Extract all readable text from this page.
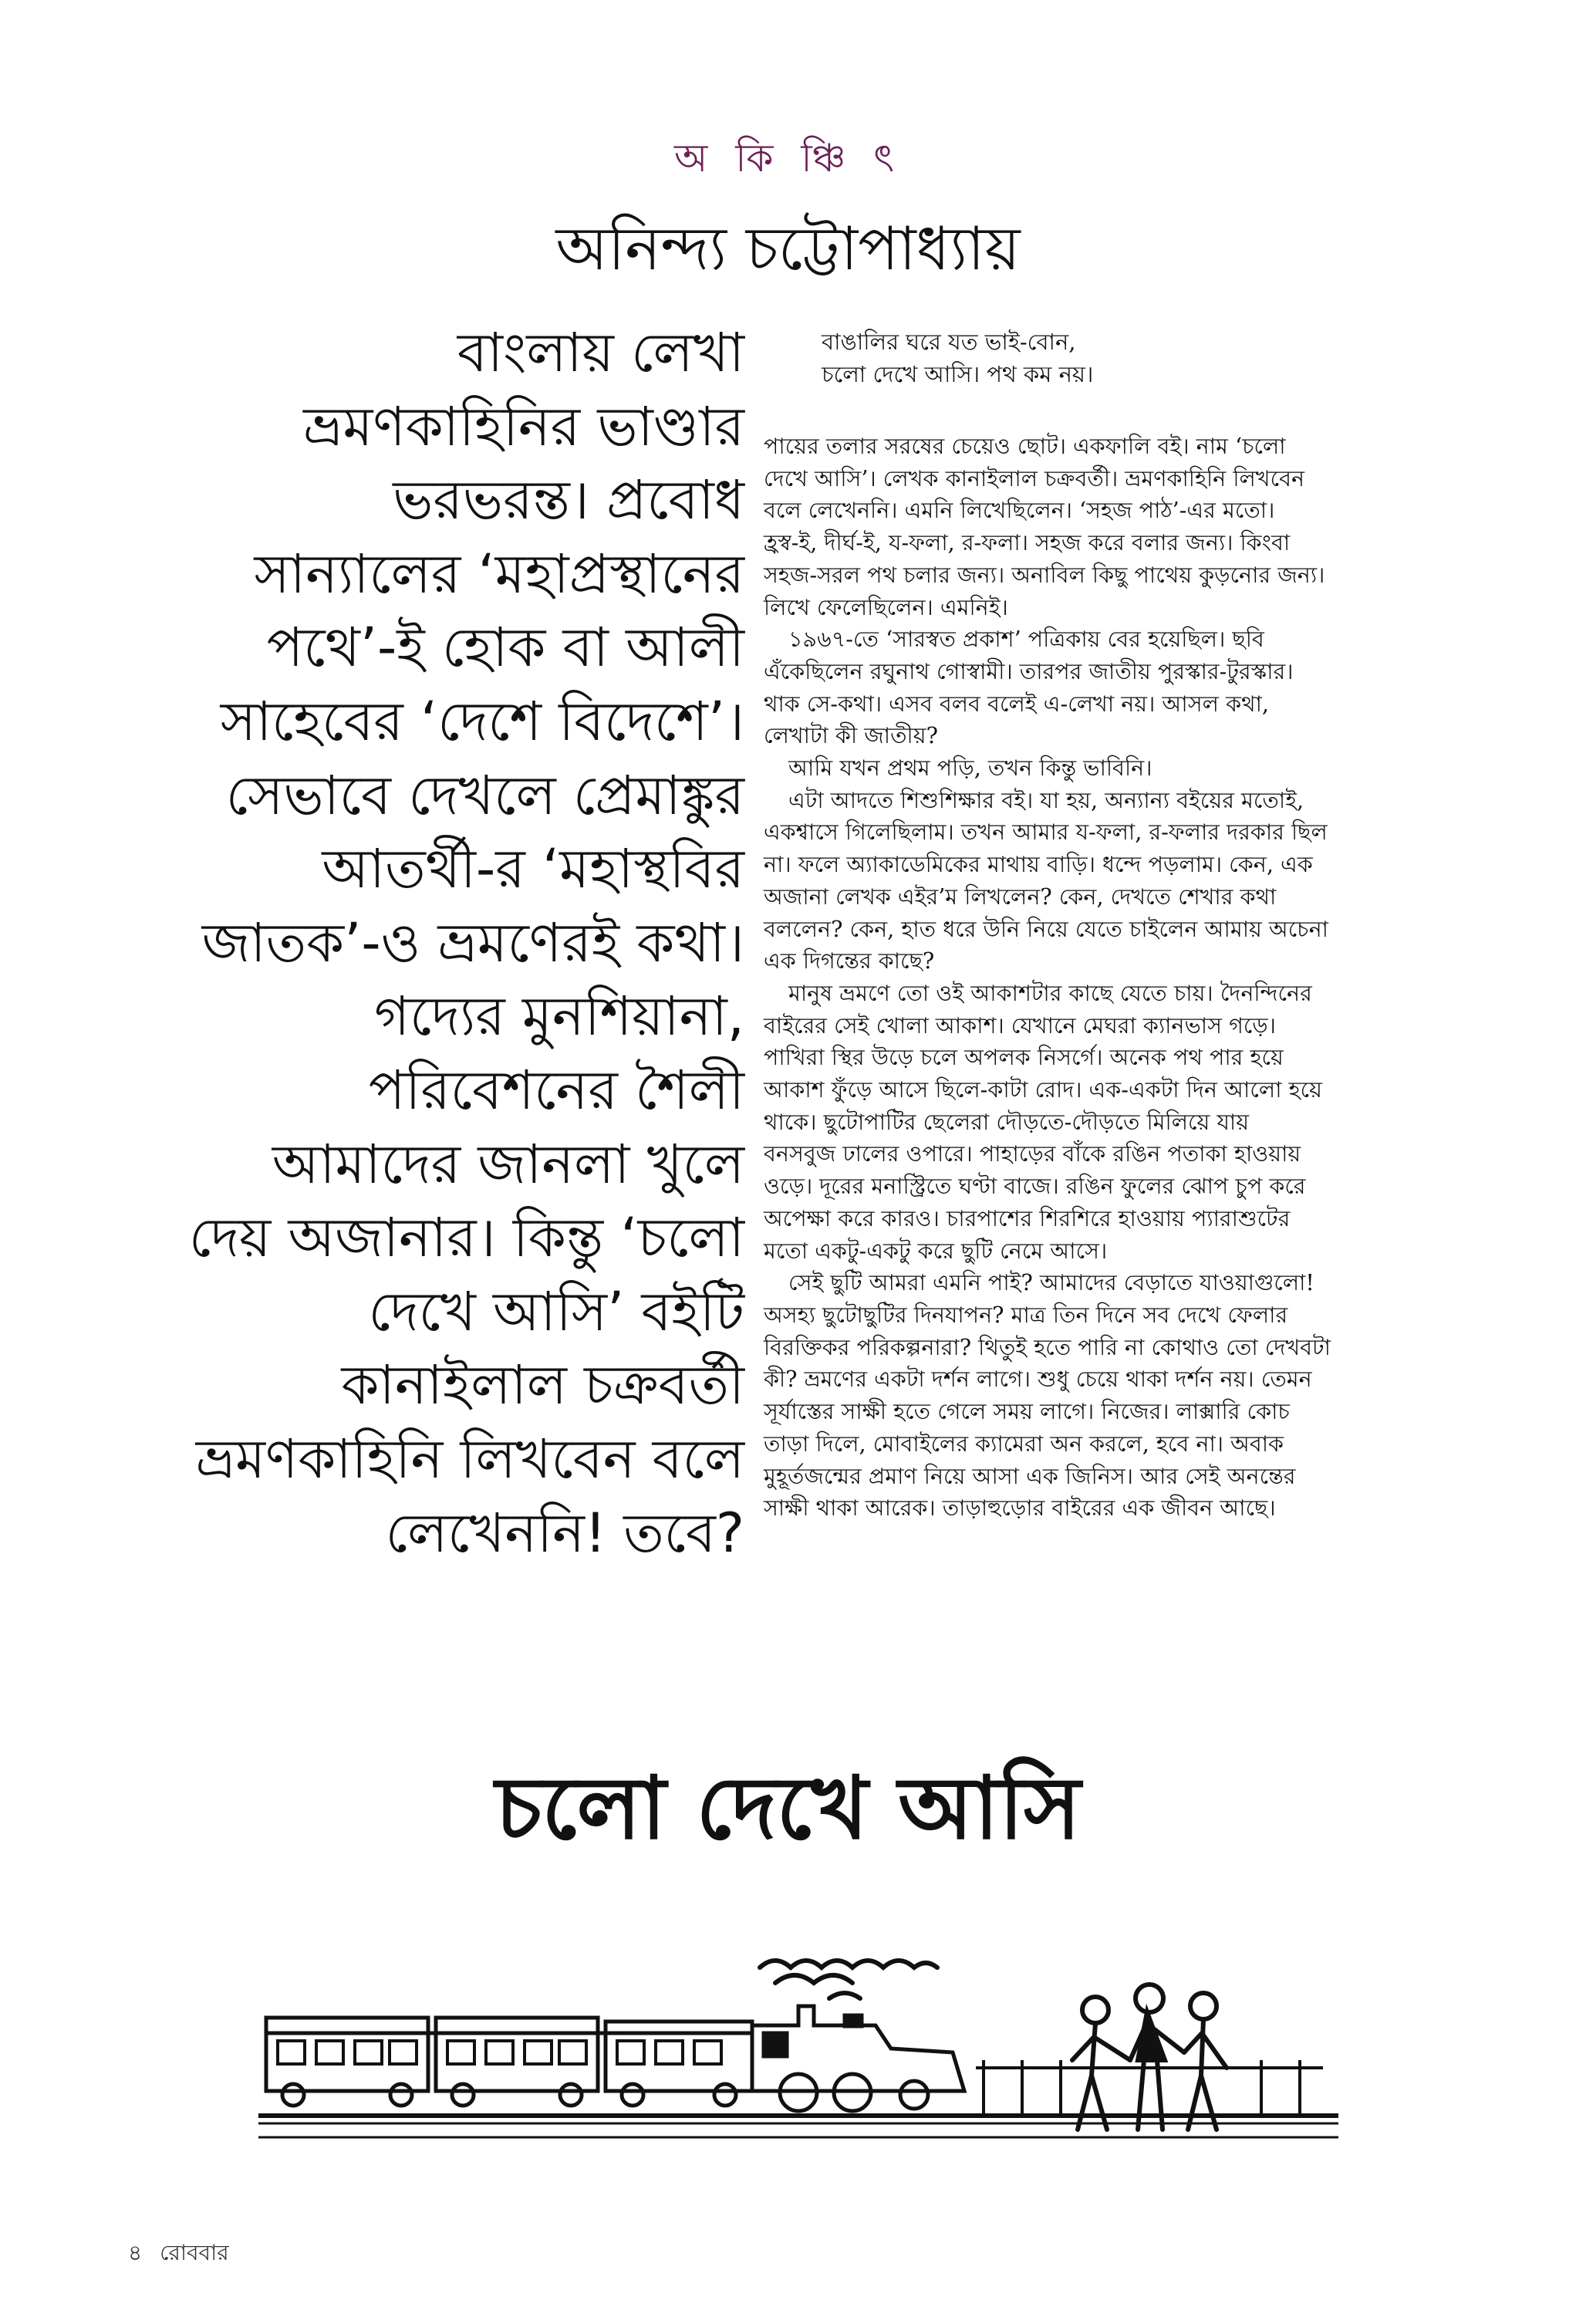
অ কি ঞ্চি ৎ
অনিন্দ্য চট্টোপাধ্যায়
বাংলায় লেখা
ভ্রমণকাহিনির ভাণ্ডার
ভরভরন্ত। প্রবোধ
সান্যালের ‘মহাপ্রস্থানের
পথে’-ই হোক বা আলী
সাহেবের ‘দেশে বিদেশে’।
সেভাবে দেখলে প্রেমাঙ্কুর
আতর্থী-র ‘মহাস্থবির
জাতক’-ও ভ্রমণেরই কথা।
গদ্যের মুনশিয়ানা,
পরিবেশনের শৈলী
আমাদের জানলা খুলে
দেয় অজানার। কিন্তু ‘চলো
দেখে আসি’ বইটি
কানাইলাল চক্রবর্তী
ভ্রমণকাহিনি লিখবেন বলে
লেখেননি! তবে?
বাঙালির ঘরে যত ভাই-বোন,
চলো দেখে আসি। পথ কম নয়।
পায়ের তলার সরষের চেয়েও ছোট। একফালি বই। নাম ‘চলো
দেখে আসি’। লেখক কানাইলাল চক্রবর্তী। ভ্রমণকাহিনি লিখবেন
বলে লেখেননি। এমনি লিখেছিলেন। ‘সহজ পাঠ’-এর মতো।
হ্রস্ব-ই, দীর্ঘ-ই, য-ফলা, র-ফলা। সহজ করে বলার জন্য। কিংবা
সহজ-সরল পথ চলার জন্য। অনাবিল কিছু পাথেয় কুড়নোর জন্য।
লিখে ফেলেছিলেন। এমনিই।
১৯৬৭-তে ‘সারস্বত প্রকাশ’ পত্রিকায় বের হয়েছিল। ছবি
এঁকেছিলেন রঘুনাথ গোস্বামী। তারপর জাতীয় পুরস্কার-টুরস্কার।
থাক সে-কথা। এসব বলব বলেই এ-লেখা নয়। আসল কথা,
লেখাটা কী জাতীয়?
আমি যখন প্রথম পড়ি, তখন কিন্তু ভাবিনি।
এটা আদতে শিশুশিক্ষার বই। যা হয়, অন্যান্য বইয়ের মতোই,
একশ্বাসে গিলেছিলাম। তখন আমার য-ফলা, র-ফলার দরকার ছিল
না। ফলে অ্যাকাডেমিকের মাথায় বাড়ি। ধন্দে পড়লাম। কেন, এক
অজানা লেখক এইর’ম লিখলেন? কেন, দেখতে শেখার কথা
বললেন? কেন, হাত ধরে উনি নিয়ে যেতে চাইলেন আমায় অচেনা
এক দিগন্তের কাছে?
মানুষ ভ্রমণে তো ওই আকাশটার কাছে যেতে চায়। দৈনন্দিনের
বাইরের সেই খোলা আকাশ। যেখানে মেঘরা ক্যানভাস গড়ে।
পাখিরা স্থির উড়ে চলে অপলক নিসর্গে। অনেক পথ পার হয়ে
আকাশ ফুঁড়ে আসে ছিলে-কাটা রোদ। এক-একটা দিন আলো হয়ে
থাকে। ছুটোপাটির ছেলেরা দৌড়তে-দৌড়তে মিলিয়ে যায়
বনসবুজ ঢালের ওপারে। পাহাড়ের বাঁকে রঙিন পতাকা হাওয়ায়
ওড়ে। দূরের মনাস্ট্রিতে ঘণ্টা বাজে। রঙিন ফুলের ঝোপ চুপ করে
অপেক্ষা করে কারও। চারপাশের শিরশিরে হাওয়ায় প্যারাশুটের
মতো একটু-একটু করে ছুটি নেমে আসে।
সেই ছুটি আমরা এমনি পাই? আমাদের বেড়াতে যাওয়াগুলো!
অসহ্য ছুটোছুটির দিনযাপন? মাত্র তিন দিনে সব দেখে ফেলার
বিরক্তিকর পরিকল্পনারা? থিতুই হতে পারি না কোথাও তো দেখবটা
কী? ভ্রমণের একটা দর্শন লাগে। শুধু চেয়ে থাকা দর্শন নয়। তেমন
সূর্যাস্তের সাক্ষী হতে গেলে সময় লাগে। নিজের। লাক্সারি কোচ
তাড়া দিলে, মোবাইলের ক্যামেরা অন করলে, হবে না। অবাক
মুহূর্তজন্মের প্রমাণ নিয়ে আসা এক জিনিস। আর সেই অনন্তের
সাক্ষী থাকা আরেক। তাড়াহুড়োর বাইরের এক জীবন আছে।
চলো দেখে আসি
৪ রোববার
